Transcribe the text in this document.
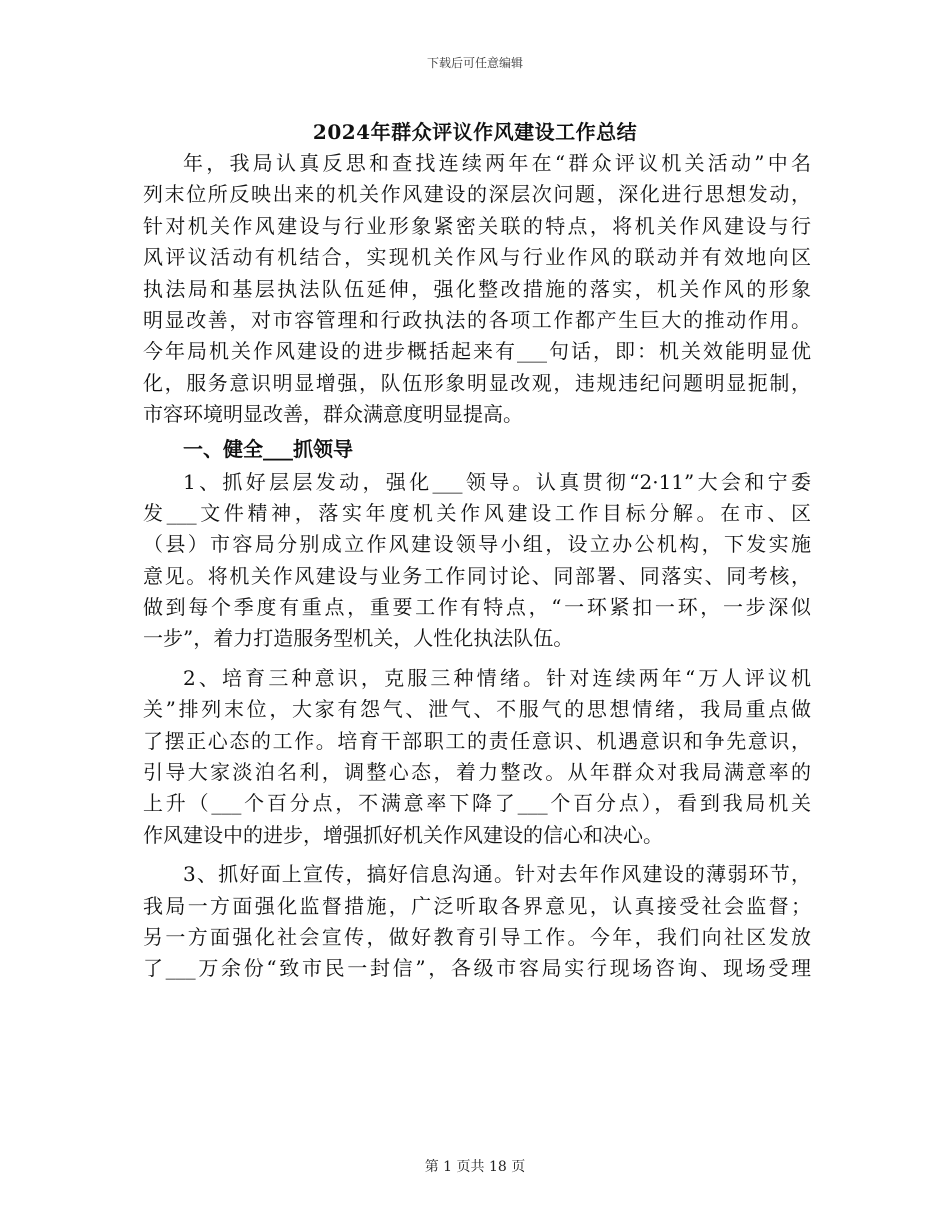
下载后可任意编辑
2024年群众评议作风建设工作总结
年，我局认真反思和查找连续两年在“群众评议机关活动”中名
列末位所反映出来的机关作风建设的深层次问题，深化进行思想发动，
针对机关作风建设与行业形象紧密关联的特点，将机关作风建设与行
风评议活动有机结合，实现机关作风与行业作风的联动并有效地向区
执法局和基层执法队伍延伸，强化整改措施的落实，机关作风的形象
明显改善，对市容管理和行政执法的各项工作都产生巨大的推动作用。
今年局机关作风建设的进步概括起来有___句话，即：机关效能明显优
化，服务意识明显增强，队伍形象明显改观，违规违纪问题明显扼制，
市容环境明显改善，群众满意度明显提高。
一、健全___抓领导
1、抓好层层发动，强化___领导。认真贯彻“2·11”大会和宁委
发___文件精神，落实年度机关作风建设工作目标分解。在市、区
（县）市容局分别成立作风建设领导小组，设立办公机构，下发实施
意见。将机关作风建设与业务工作同讨论、同部署、同落实、同考核，
做到每个季度有重点，重要工作有特点，“一环紧扣一环，一步深似
一步”，着力打造服务型机关，人性化执法队伍。
2、培育三种意识，克服三种情绪。针对连续两年“万人评议机
关”排列末位，大家有怨气、泄气、不服气的思想情绪，我局重点做
了摆正心态的工作。培育干部职工的责任意识、机遇意识和争先意识，
引导大家淡泊名利，调整心态，着力整改。从年群众对我局满意率的
上升（___个百分点，不满意率下降了___个百分点），看到我局机关
作风建设中的进步，增强抓好机关作风建设的信心和决心。
3、抓好面上宣传，搞好信息沟通。针对去年作风建设的薄弱环节，
我局一方面强化监督措施，广泛听取各界意见，认真接受社会监督；
另一方面强化社会宣传，做好教育引导工作。今年，我们向社区发放
了___万余份“致市民一封信”，各级市容局实行现场咨询、现场受理
第 1 页共 18 页
